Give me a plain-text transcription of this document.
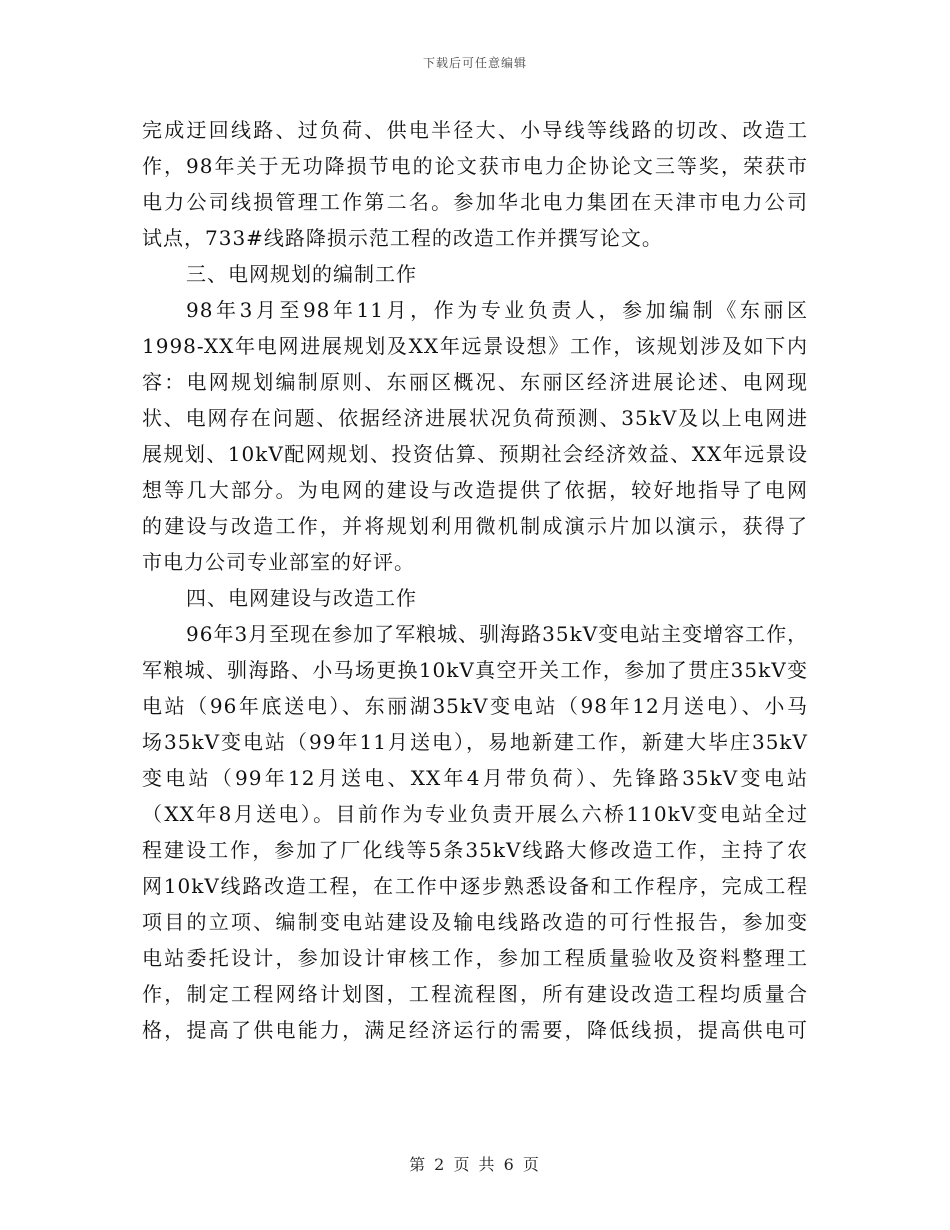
下载后可任意编辑
完成迂回线路、过负荷、供电半径大、小导线等线路的切改、改造工
作，98年关于无功降损节电的论文获市电力企协论文三等奖，荣获市
电力公司线损管理工作第二名。参加华北电力集团在天津市电力公司
试点，733#线路降损示范工程的改造工作并撰写论文。
三、电网规划的编制工作
98年3月至98年11月，作为专业负责人，参加编制《东丽区
1998-XX年电网进展规划及XX年远景设想》工作，该规划涉及如下内
容：电网规划编制原则、东丽区概况、东丽区经济进展论述、电网现
状、电网存在问题、依据经济进展状况负荷预测、35kV及以上电网进
展规划、10kV配网规划、投资估算、预期社会经济效益、XX年远景设
想等几大部分。为电网的建设与改造提供了依据，较好地指导了电网
的建设与改造工作，并将规划利用微机制成演示片加以演示，获得了
市电力公司专业部室的好评。
四、电网建设与改造工作
96年3月至现在参加了军粮城、驯海路35kV变电站主变增容工作，
军粮城、驯海路、小马场更换10kV真空开关工作，参加了贯庄35kV变
电站（96年底送电）、东丽湖35kV变电站（98年12月送电）、小马
场35kV变电站（99年11月送电），易地新建工作，新建大毕庄35kV
变电站（99年12月送电、XX年4月带负荷）、先锋路35kV变电站
（XX年8月送电）。目前作为专业负责开展么六桥110kV变电站全过
程建设工作，参加了厂化线等5条35kV线路大修改造工作，主持了农
网10kV线路改造工程，在工作中逐步熟悉设备和工作程序，完成工程
项目的立项、编制变电站建设及输电线路改造的可行性报告，参加变
电站委托设计，参加设计审核工作，参加工程质量验收及资料整理工
作，制定工程网络计划图，工程流程图，所有建设改造工程均质量合
格，提高了供电能力，满足经济运行的需要，降低线损，提高供电可
第 2 页 共 6 页
